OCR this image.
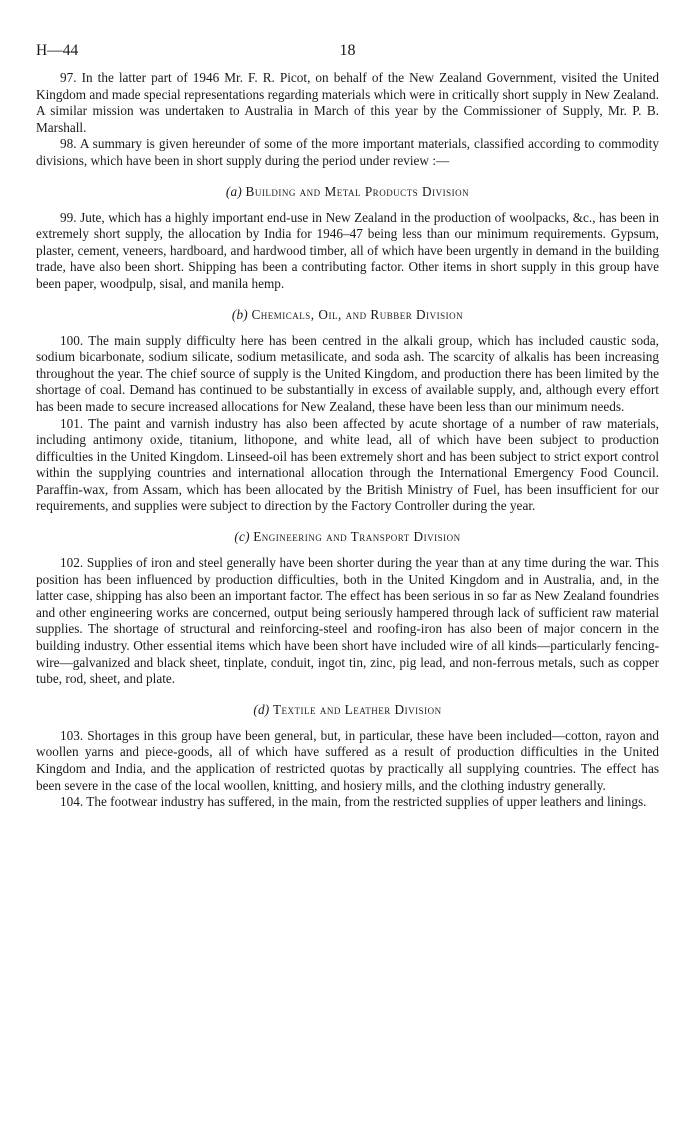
H—44	18

97. In the latter part of 1946 Mr. F. R. Picot, on behalf of the New Zealand Government, visited the United Kingdom and made special representations regarding materials which were in critically short supply in New Zealand. A similar mission was undertaken to Australia in March of this year by the Commissioner of Supply, Mr. P. B. Marshall.

98. A summary is given hereunder of some of the more important materials, classified according to commodity divisions, which have been in short supply during the period under review :—

(a) Building and Metal Products Division

99. Jute, which has a highly important end-use in New Zealand in the production of woolpacks, &c., has been in extremely short supply, the allocation by India for 1946–47 being less than our minimum requirements. Gypsum, plaster, cement, veneers, hardboard, and hardwood timber, all of which have been urgently in demand in the building trade, have also been short. Shipping has been a contributing factor. Other items in short supply in this group have been paper, woodpulp, sisal, and manila hemp.

(b) Chemicals, Oil, and Rubber Division

100. The main supply difficulty here has been centred in the alkali group, which has included caustic soda, sodium bicarbonate, sodium silicate, sodium metasilicate, and soda ash. The scarcity of alkalis has been increasing throughout the year. The chief source of supply is the United Kingdom, and production there has been limited by the shortage of coal. Demand has continued to be substantially in excess of available supply, and, although every effort has been made to secure increased allocations for New Zealand, these have been less than our minimum needs.

101. The paint and varnish industry has also been affected by acute shortage of a number of raw materials, including antimony oxide, titanium, lithopone, and white lead, all of which have been subject to production difficulties in the United Kingdom. Linseed-oil has been extremely short and has been subject to strict export control within the supplying countries and international allocation through the International Emergency Food Council. Paraffin-wax, from Assam, which has been allocated by the British Ministry of Fuel, has been insufficient for our requirements, and supplies were subject to direction by the Factory Controller during the year.

(c) Engineering and Transport Division

102. Supplies of iron and steel generally have been shorter during the year than at any time during the war. This position has been influenced by production difficulties, both in the United Kingdom and in Australia, and, in the latter case, shipping has also been an important factor. The effect has been serious in so far as New Zealand foundries and other engineering works are concerned, output being seriously hampered through lack of sufficient raw material supplies. The shortage of structural and reinforcing-steel and roofing-iron has also been of major concern in the building industry. Other essential items which have been short have included wire of all kinds—particularly fencing-wire—galvanized and black sheet, tinplate, conduit, ingot tin, zinc, pig lead, and non-ferrous metals, such as copper tube, rod, sheet, and plate.

(d) Textile and Leather Division

103. Shortages in this group have been general, but, in particular, these have been included—cotton, rayon and woollen yarns and piece-goods, all of which have suffered as a result of production difficulties in the United Kingdom and India, and the application of restricted quotas by practically all supplying countries. The effect has been severe in the case of the local woollen, knitting, and hosiery mills, and the clothing industry generally.

104. The footwear industry has suffered, in the main, from the restricted supplies of upper leathers and linings.
